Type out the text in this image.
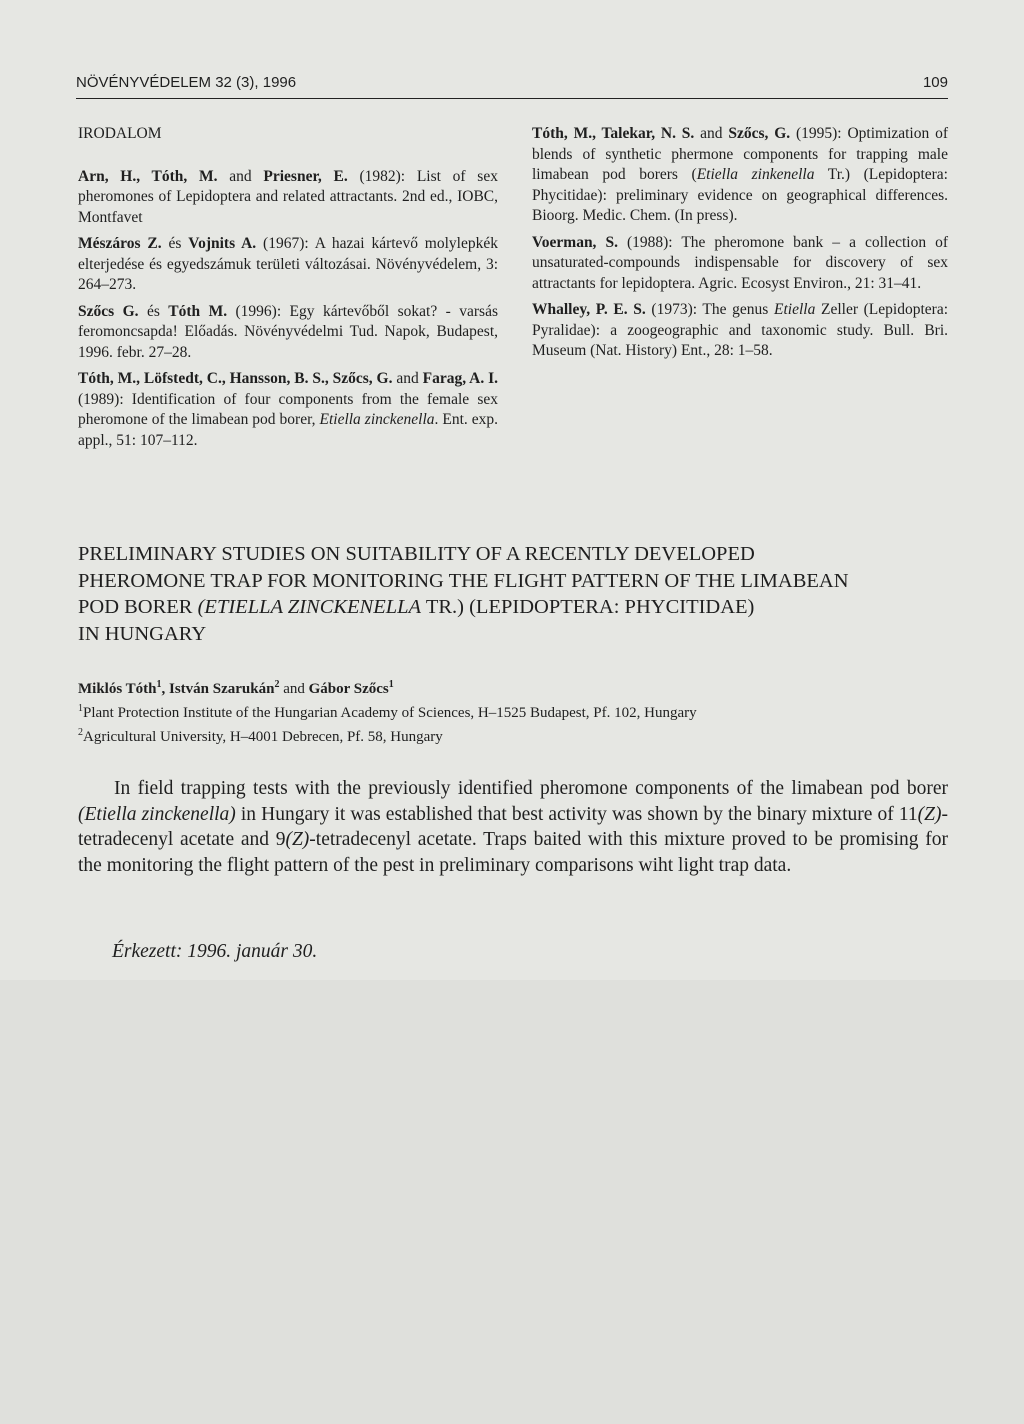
NÖVÉNYVÉDELEM 32 (3), 1996	109

IRODALOM

Arn, H., Tóth, M. and Priesner, E. (1982): List of sex pheromones of Lepidoptera and related attractants. 2nd ed., IOBC, Montfavet

Mészáros Z. és Vojnits A. (1967): A hazai kártevő molylepkék elterjedése és egyedszámuk területi változásai. Növényvédelem, 3: 264–273.

Szőcs G. és Tóth M. (1996): Egy kártevőből sokat? - varsás feromoncsapda! Előadás. Növényvédelmi Tud. Napok, Budapest, 1996. febr. 27–28.

Tóth, M., Löfstedt, C., Hansson, B. S., Szőcs, G. and Farag, A. I. (1989): Identification of four components from the female sex pheromone of the limabean pod borer, Etiella zinckenella. Ent. exp. appl., 51: 107–112.

Tóth, M., Talekar, N. S. and Szőcs, G. (1995): Optimization of blends of synthetic phermone components for trapping male limabean pod borers (Etiella zinkenella Tr.) (Lepidoptera: Phycitidae): preliminary evidence on geographical differences. Bioorg. Medic. Chem. (In press).

Voerman, S. (1988): The pheromone bank – a collection of unsaturated-compounds indispensable for discovery of sex attractants for lepidoptera. Agric. Ecosyst Environ., 21: 31–41.

Whalley, P. E. S. (1973): The genus Etiella Zeller (Lepidoptera: Pyralidae): a zoogeographic and taxonomic study. Bull. Bri. Museum (Nat. History) Ent., 28: 1–58.

PRELIMINARY STUDIES ON SUITABILITY OF A RECENTLY DEVELOPED
PHEROMONE TRAP FOR MONITORING THE FLIGHT PATTERN OF THE LIMABEAN
POD BORER (ETIELLA ZINCKENELLA TR.) (LEPIDOPTERA: PHYCITIDAE)
IN HUNGARY
Miklós Tóth$^1$, István Szarukán$^2$ and Gábor Szőcs$^1$
$^1$Plant Protection Institute of the Hungarian Academy of Sciences, H–1525 Budapest, Pf. 102, Hungary
$^2$Agricultural University, H–4001 Debrecen, Pf. 58, Hungary

In field trapping tests with the previously identified pheromone components of the limabean pod borer (Etiella zinckenella) in Hungary it was established that best activity was shown by the binary mixture of 11(Z)-tetradecenyl acetate and 9(Z)-tetradecenyl acetate. Traps baited with this mixture proved to be promising for the monitoring the flight pattern of the pest in preliminary comparisons wiht light trap data.

Érkezett: 1996. január 30.
